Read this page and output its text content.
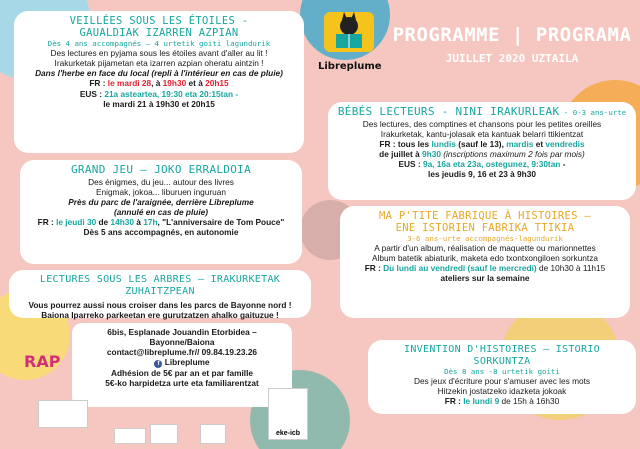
VEILLÉES SOUS LES ÉTOILES -
GAUALDIAK IZARREN AZPIAN
Dès 4 ans accompagnés – 4 urtetik goiti lagundurik

Des lectures en pyjama sous les étoiles avant d'aller au lit !

Irakurketak pijametan eta izarren azpian oheratu aintzin !

Dans l'herbe en face du local (repli à l'intérieur en cas de pluie)

FR : le mardi 28, à 19h30 et à 20h15

EUS : 21a asteartea, 19:30 eta 20:15tan -

le mardi 21 à 19h30 et 20h15

Libreplume
PROGRAMME | PROGRAMA
JUILLET 2020 UZTAILA
GRAND JEU – JOKO ERRALDOIA

Des énigmes, du jeu... autour des livres

Enigmak, jokoa... liburuen inguruan

Près du parc de l'araignée, derrière Libreplume

(annulé en cas de pluie)

FR : le jeudi 30 de 14h30 à 17h, "L'anniversaire de Tom Pouce"

Dès 5 ans accompagnés, en autonomie

LECTURES SOUS LES ARBRES – IRAKURKETAK ZUHAITZPEAN

Vous pourrez aussi nous croiser dans les parcs de Bayonne nord !

Baiona Iparreko parkeetan ere gurutzatzen ahalko gaituzue !

6bis, Esplanade Jouandin Etorbidea –

Bayonne/Baiona

contact@libreplume.fr// 09.84.19.23.26

f Libreplume

Adhésion de 5€ par an et par famille

5€-ko harpidetza urte eta familiarentzat

RAP
eke-icb
BÉBÉS LECTEURS - NINI IRAKURLEAK - 0-3 ans-urte

Des lectures, des comptines et chansons pour les petites oreilles

Irakurketak, kantu-jolasak eta kantuak belarri ttikientzat

FR : tous les lundis (sauf le 13), mardis et vendredis

de juillet à 9h30 (inscriptions maximum 2 fois par mois)

EUS : 9a, 16a eta 23a, ostegunez, 9:30tan -

les jeudis 9, 16 et 23 à 9h30

MA P'TITE FABRIQUE À HISTOIRES –
ENE ISTORIEN FABRIKA TTIKIA
3-6 ans-urte accompagnés-lagundurik

A partir d'un album, réalisation de maquette ou marionnettes

Album batetik abiaturik, maketa edo txontxongiloen sorkuntza

FR : Du lundi au vendredi (sauf le mercredi) de 10h30 à 11h15

ateliers sur la semaine

INVENTION D'HISTOIRES – ISTORIO SORKUNTZA
Dès 8 ans -8 urtetik goiti

Des jeux d'écriture pour s'amuser avec les mots

Hitzekin jostatzeko idazketa jokoak

FR : le lundi 9 de 15h à 16h30
